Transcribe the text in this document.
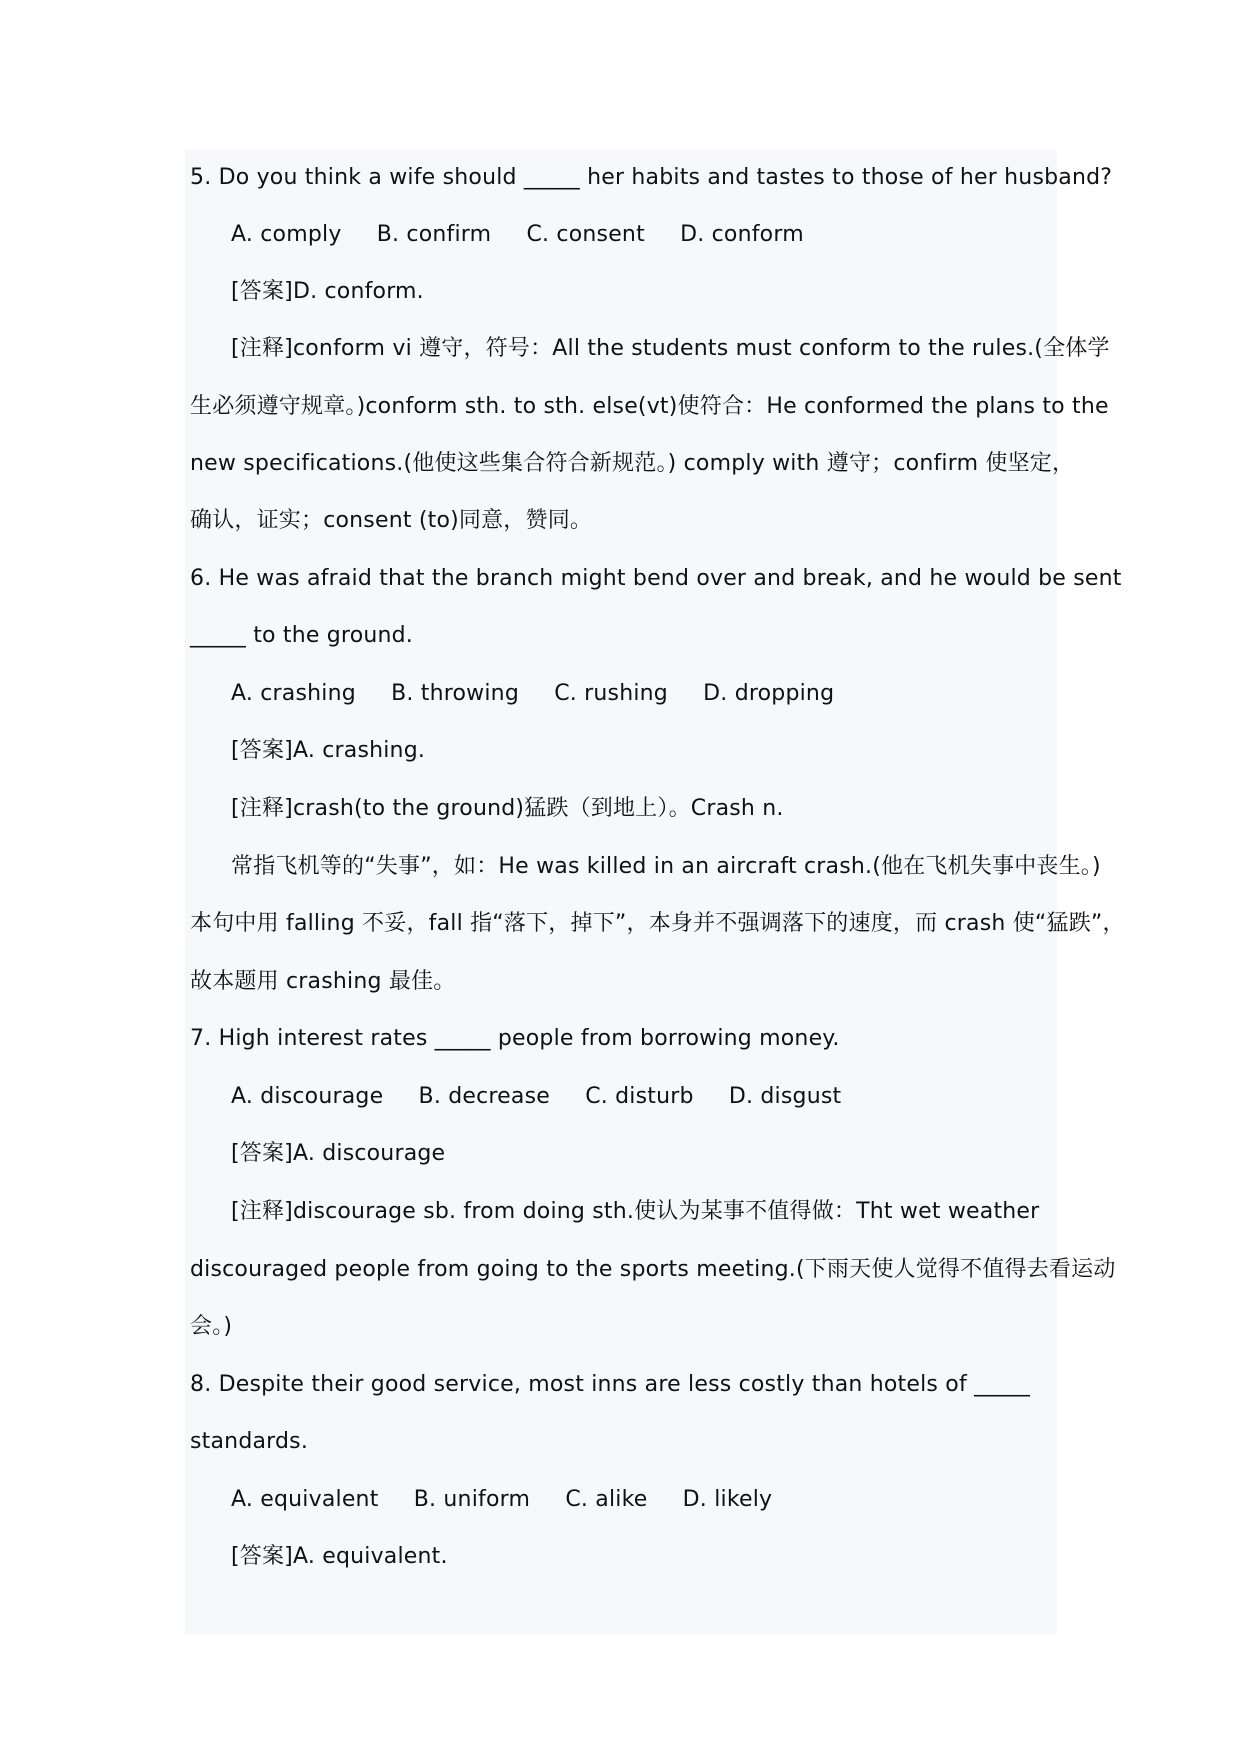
5. Do you think a wife should _____ her habits and tastes to those of her husband?
A. comply B. confirm C. consent D. conform
[答案]D. conform.
[注释]conform vi 遵守，符号：All the students must conform to the rules.(全体学
生必须遵守规章。)conform sth. to sth. else(vt)使符合：He conformed the plans to the
new specifications.(他使这些集合符合新规范。) comply with 遵守；confirm 使坚定，
确认，证实；consent (to)同意，赞同。
6. He was afraid that the branch might bend over and break, and he would be sent
_____ to the ground.
A. crashing B. throwing C. rushing D. dropping
[答案]A. crashing.
[注释]crash(to the ground)猛跌（到地上）。Crash n.
常指飞机等的“失事”，如：He was killed in an aircraft crash.(他在飞机失事中丧生。)
本句中用 falling 不妥，fall 指“落下，掉下”，本身并不强调落下的速度，而 crash 使“猛跌”，
故本题用 crashing 最佳。
7. High interest rates _____ people from borrowing money.
A. discourage B. decrease C. disturb D. disgust
[答案]A. discourage
[注释]discourage sb. from doing sth.使认为某事不值得做：Tht wet weather
discouraged people from going to the sports meeting.(下雨天使人觉得不值得去看运动
会。)
8. Despite their good service, most inns are less costly than hotels of _____
standards.
A. equivalent B. uniform C. alike D. likely
[答案]A. equivalent.
